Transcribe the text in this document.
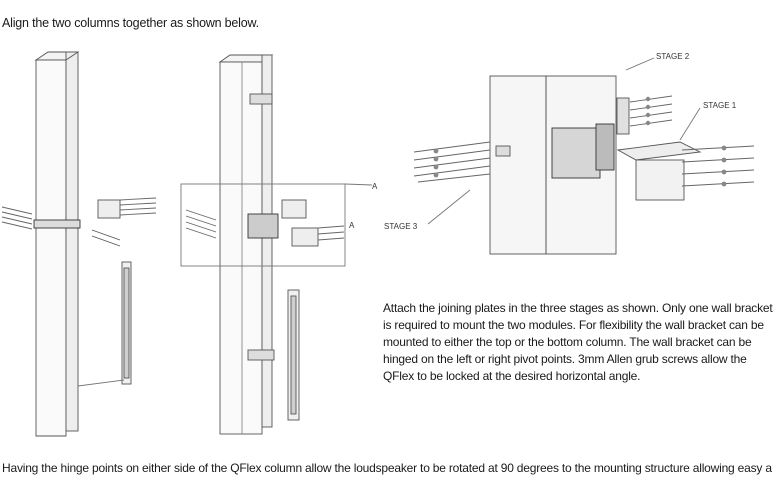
Align the two columns together as shown below.
STAGE 2
STAGE 1
STAGE 3
A
A
Attach the joining plates in the three stages as shown. Only one wall bracket is required to mount the two modules. For flexibility the wall bracket can be mounted to either the top or the bottom column. The wall bracket can be hinged on the left or right pivot points. 3mm Allen grub screws allow the QFlex to be locked at the desired horizontal angle.
Having the hinge points on either side of the QFlex column allow the loudspeaker to be rotated at 90 degrees to the mounting structure allowing easy a
